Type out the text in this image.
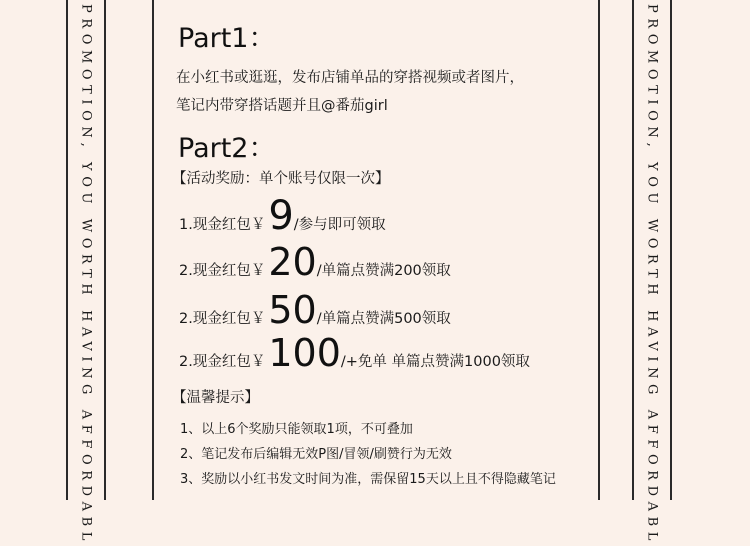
PROMOTION, YOU WORTH HAVING AFFORDABL	PROMOTION, YOU WORTH HAVING AFFORDABL
Part1：
在小红书或逛逛，发布店铺单品的穿搭视频或者图片，
笔记内带穿搭话题并且@番茄girl
Part2：
【活动奖励：单个账号仅限一次】
1.现金红包￥ 9 /参与即可领取
2.现金红包￥ 20 /单篇点赞满200领取
2.现金红包￥ 50 /单篇点赞满500领取
2.现金红包￥ 100 /+免单 单篇点赞满1000领取
【温馨提示】
1、以上6个奖励只能领取1项，不可叠加
2、笔记发布后编辑无效P图/冒领/刷赞行为无效
3、奖励以小红书发文时间为准，需保留15天以上且不得隐藏笔记
